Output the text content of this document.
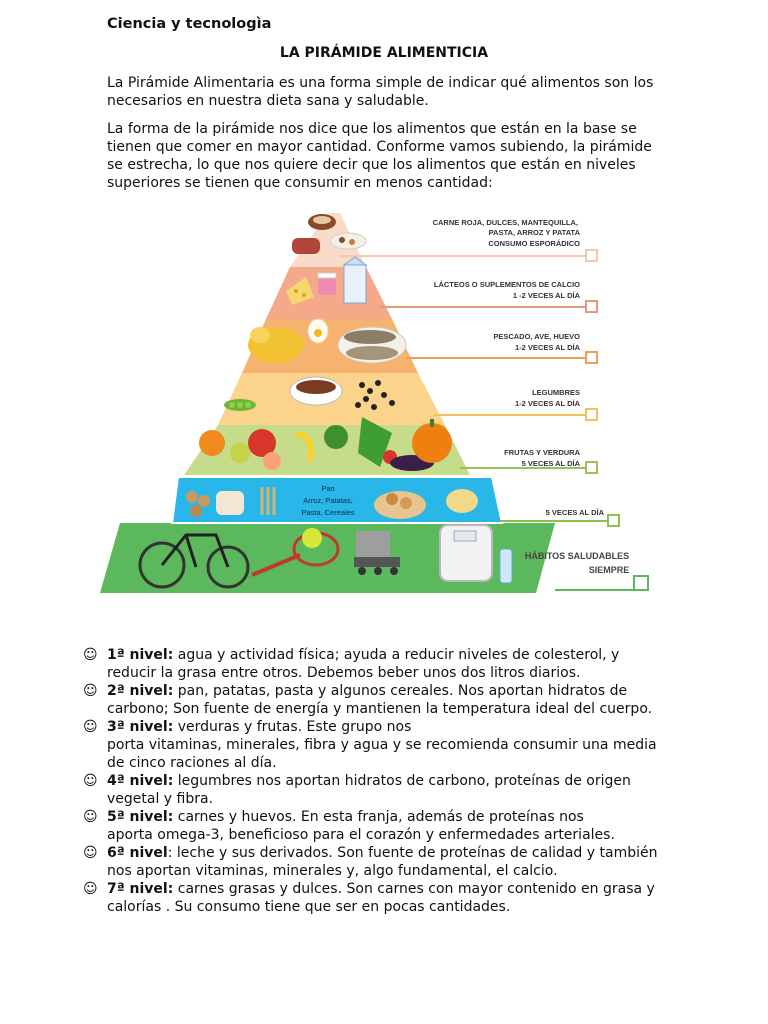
Ciencia y tecnologìa
LA PIRÁMIDE ALIMENTICIA
La Pirámide Alimentaria es una forma simple de indicar qué alimentos son los
necesarios en nuestra dieta sana y saludable.
La forma de la pirámide nos dice que los alimentos que están en la base se
tienen que comer en mayor cantidad. Conforme vamos subiendo, la pirámide
se estrecha, lo que nos quiere decir que los alimentos que están en niveles
superiores se tienen que consumir en menos cantidad:
CARNE ROJA, DULCES, MANTEQUILLA,
PASTA, ARROZ Y PATATA
CONSUMO ESPORÁDICO
LÁCTEOS O SUPLEMENTOS DE CALCIO
1 -2 VECES AL DÍA
PESCADO, AVE, HUEVO
1-2 VECES AL DÍA
LEGUMBRES
1-2 VECES AL DÍA
FRUTAS Y VERDURA
5 VECES AL DÍA
5 VECES AL DÍA
HÁBITOS SALUDABLES
SIEMPRE
Pan
Arroz, Patatas,
Pasta, Cereales
☺ 1ª nivel: agua y actividad física; ayuda a reducir niveles de colesterol, y
reducir la grasa entre otros. Debemos beber unos dos litros diarios.
☺ 2ª nivel: pan, patatas, pasta y algunos cereales. Nos aportan hidratos de
carbono; Son fuente de energía y mantienen la temperatura ideal del cuerpo.
☺ 3ª nivel: verduras y frutas. Este grupo nos
porta vitaminas, minerales, fibra y agua y se recomienda consumir una media
de cinco raciones al día.
☺ 4ª nivel: legumbres nos aportan hidratos de carbono, proteínas de origen
vegetal y fibra.
☺ 5ª nivel: carnes y huevos. En esta franja, además de proteínas nos
aporta omega-3, beneficioso para el corazón y enfermedades arteriales.
☺ 6ª nivel: leche y sus derivados. Son fuente de proteínas de calidad y también
nos aportan vitaminas, minerales y, algo fundamental, el calcio.
☺ 7ª nivel: carnes grasas y dulces. Son carnes con mayor contenido en grasa y
calorías . Su consumo tiene que ser en pocas cantidades.
